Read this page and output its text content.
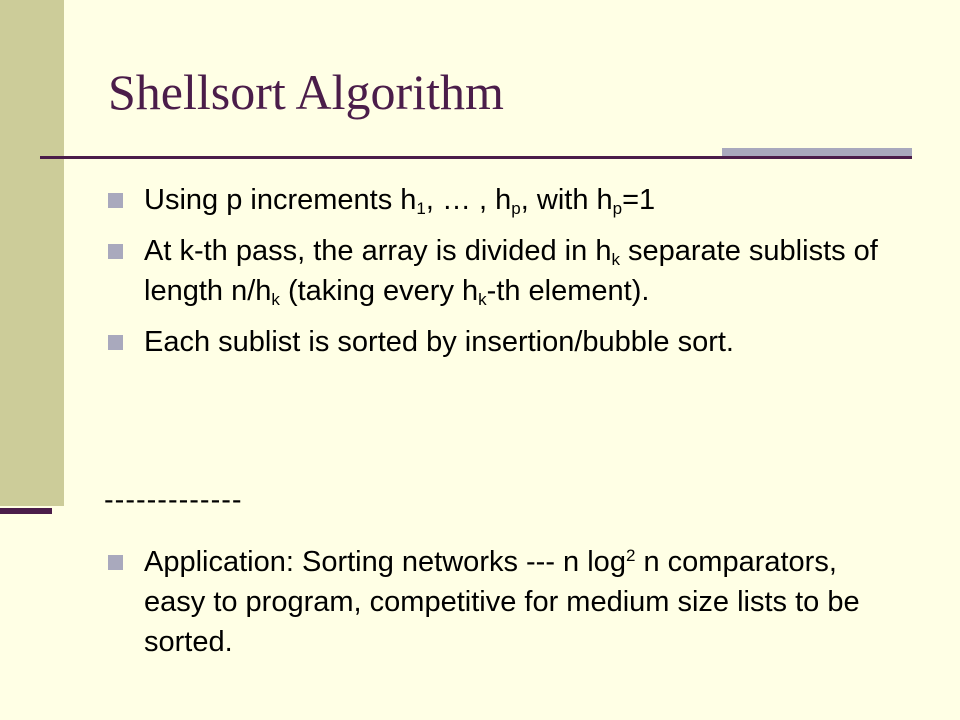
Shellsort Algorithm
Using p increments $h_1$, … , $h_p$, with $h_p=1$
At k-th pass, the array is divided in $h_k$ separate sublists of length $n/h_k$ (taking every $h_k-th$ element).
Each sublist is sorted by insertion/bubble sort.

-------------

Application: Sorting networks --- n $\log^2 n$ comparators, easy to program, competitive for medium size lists to be sorted.
